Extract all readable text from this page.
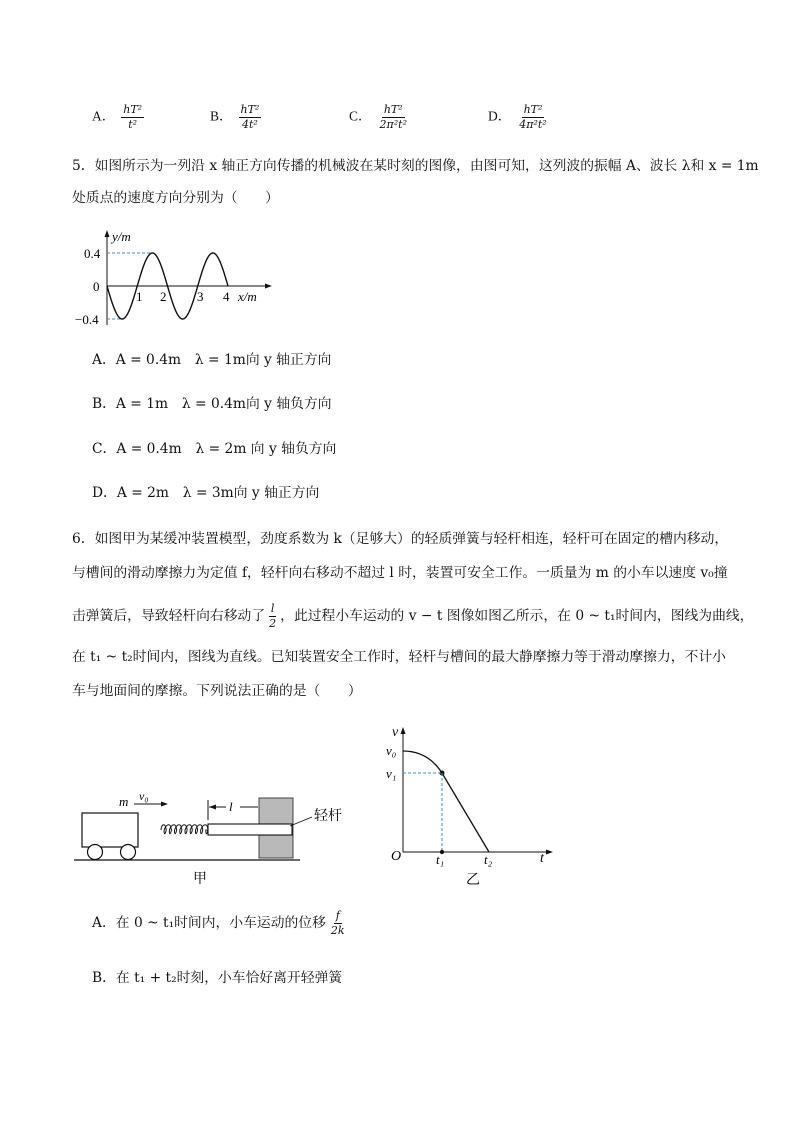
A． $\frac{\text{hT²}}{\text{t²}}$	B． $\frac{\text{hT²}}{\text{4t²}}$	C． $\frac{\text{hT²}}{\text{2π²t²}}$	D． $\frac{\text{hT²}}{\text{4π²t²}}$
5．如图所示为一列沿 x 轴正方向传播的机械波在某时刻的图像，由图可知，这列波的振幅 A、波长 λ和 x = 1m
处质点的速度方向分别为（　　）
y/m
0.4
0
−0.4
1 2 3 4 x/m
A．A = 0.4m　λ = 1m向 y 轴正方向
B．A = 1m　λ = 0.4m向 y 轴负方向
C．A = 0.4m　λ = 2m 向 y 轴负方向
D．A = 2m　λ = 3m向 y 轴正方向
6．如图甲为某缓冲装置模型，劲度系数为 k（足够大）的轻质弹簧与轻杆相连，轻杆可在固定的槽内移动，
与槽间的滑动摩擦力为定值 f，轻杆向右移动不超过 l 时，装置可安全工作。一质量为 m 的小车以速度 v₀撞
击弹簧后，导致轻杆向右移动了 $\frac{l}{2}$ ，此过程小车运动的 v − t 图像如图乙所示，在 0 ~ t₁时间内，图线为曲线，
在 t₁ ~ t₂时间内，图线为直线。已知装置安全工作时，轻杆与槽间的最大静摩擦力等于滑动摩擦力，不计小
车与地面间的摩擦。下列说法正确的是（　　）
m v₀
l
轻杆
甲
v
v₀
v₁
O	t₁	t₂	t
乙
A．在 0 ~ t₁时间内，小车运动的位移 $\frac{f}{2k}$
B．在 t₁ + t₂时刻，小车恰好离开轻弹簧
